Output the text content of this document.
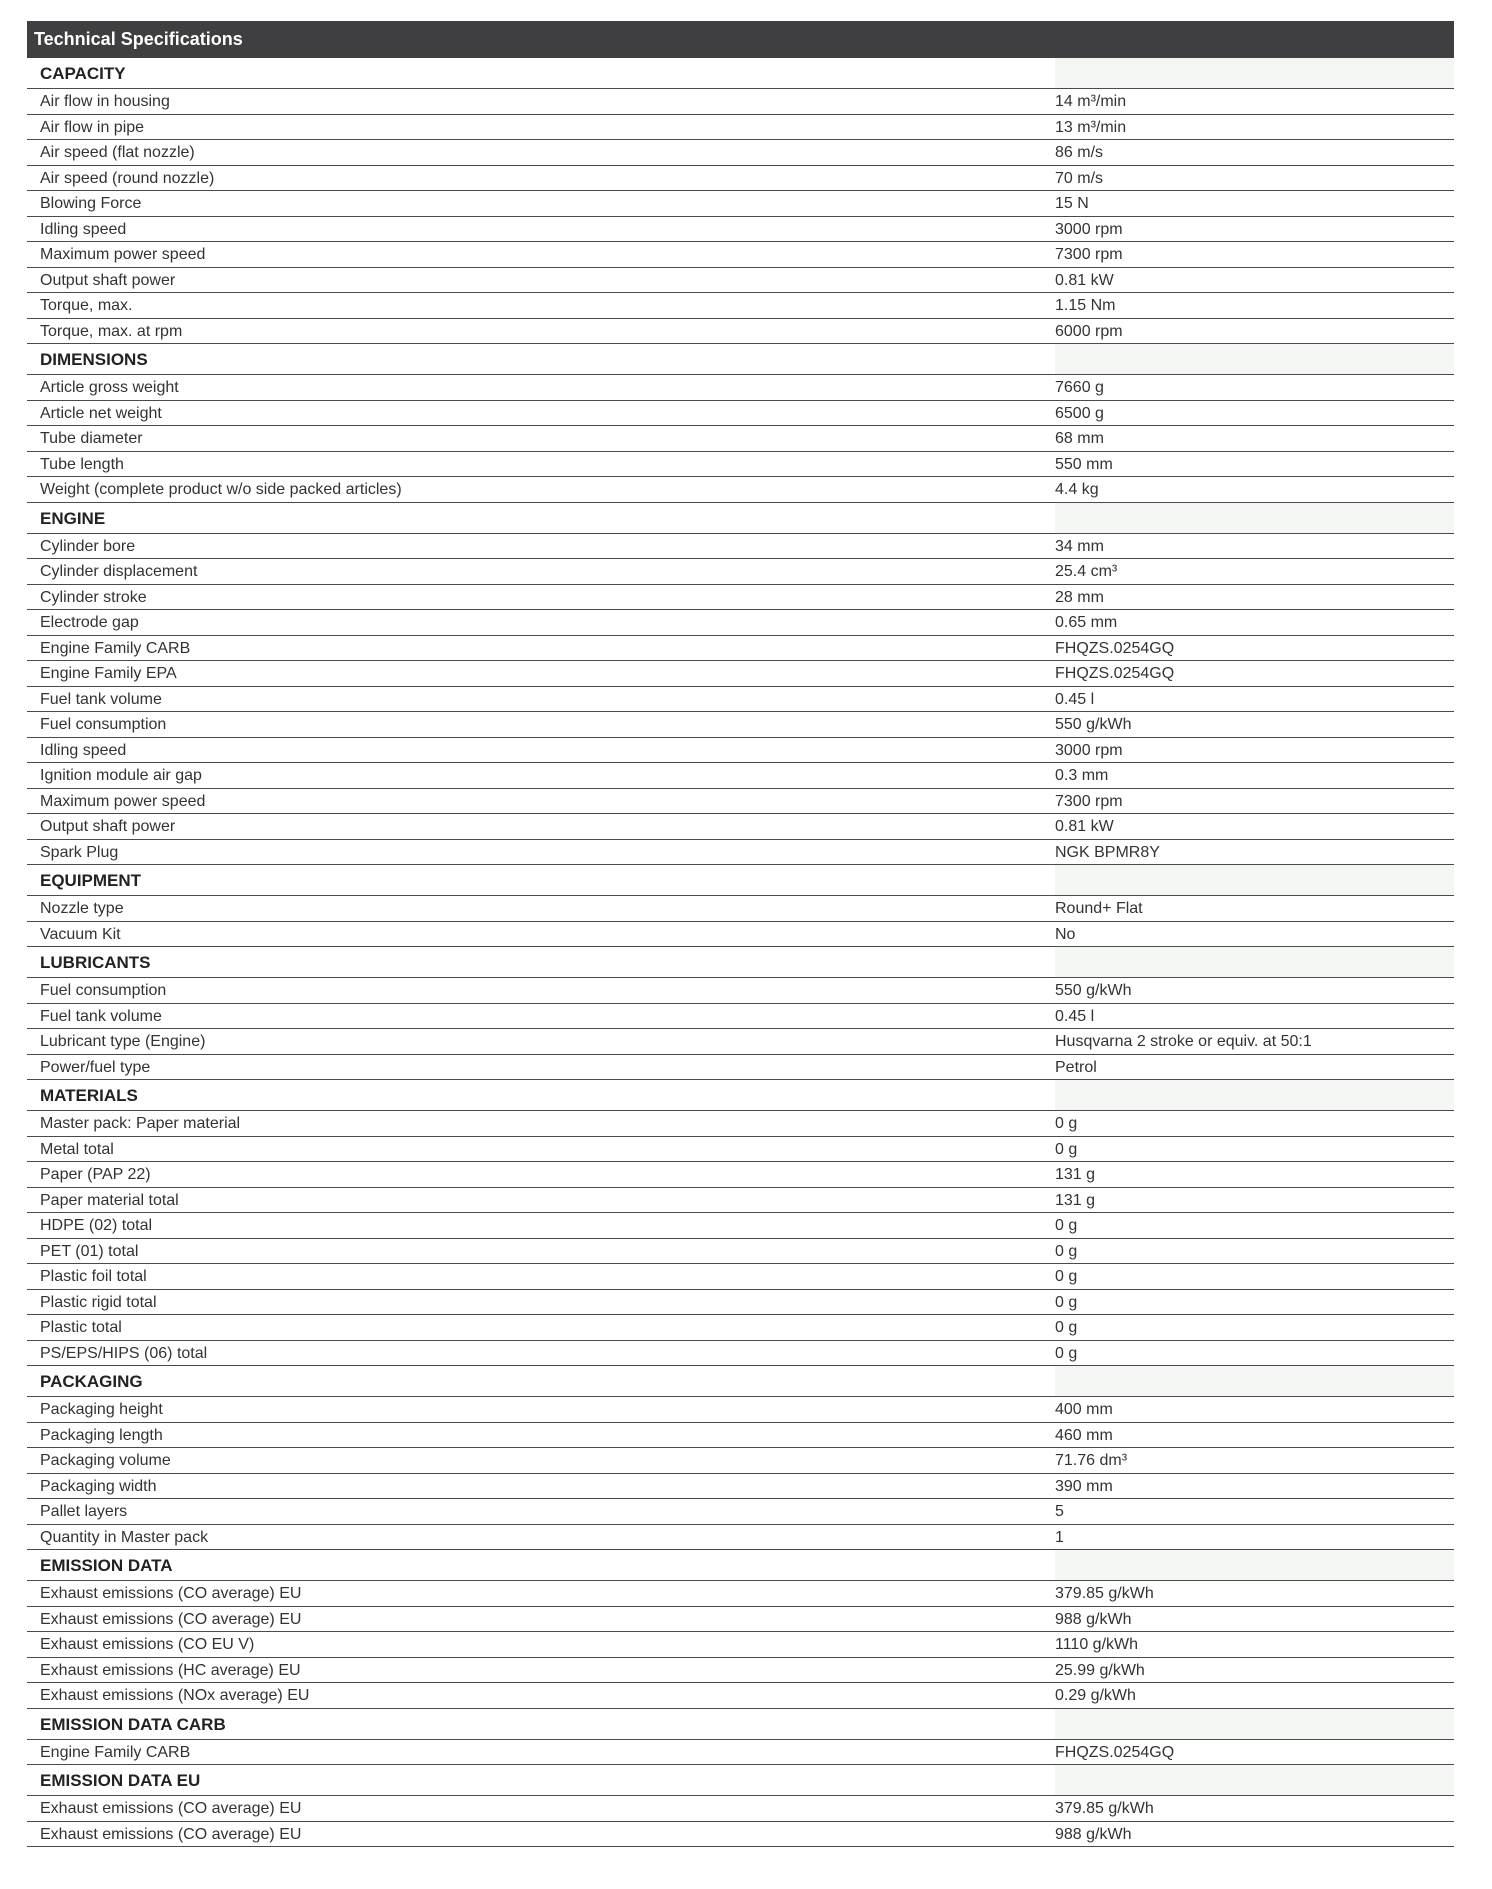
Technical Specifications
CAPACITY
Air flow in housing	14 m³/min
Air flow in pipe	13 m³/min
Air speed (flat nozzle)	86 m/s
Air speed (round nozzle)	70 m/s
Blowing Force	15 N
Idling speed	3000 rpm
Maximum power speed	7300 rpm
Output shaft power	0.81 kW
Torque, max.	1.15 Nm
Torque, max. at rpm	6000 rpm
DIMENSIONS
Article gross weight	7660 g
Article net weight	6500 g
Tube diameter	68 mm
Tube length	550 mm
Weight (complete product w/o side packed articles)	4.4 kg
ENGINE
Cylinder bore	34 mm
Cylinder displacement	25.4 cm³
Cylinder stroke	28 mm
Electrode gap	0.65 mm
Engine Family CARB	FHQZS.0254GQ
Engine Family EPA	FHQZS.0254GQ
Fuel tank volume	0.45 l
Fuel consumption	550 g/kWh
Idling speed	3000 rpm
Ignition module air gap	0.3 mm
Maximum power speed	7300 rpm
Output shaft power	0.81 kW
Spark Plug	NGK BPMR8Y
EQUIPMENT
Nozzle type	Round+ Flat
Vacuum Kit	No
LUBRICANTS
Fuel consumption	550 g/kWh
Fuel tank volume	0.45 l
Lubricant type (Engine)	Husqvarna 2 stroke or equiv. at 50:1
Power/fuel type	Petrol
MATERIALS
Master pack: Paper material	0 g
Metal total	0 g
Paper (PAP 22)	131 g
Paper material total	131 g
HDPE (02) total	0 g
PET (01) total	0 g
Plastic foil total	0 g
Plastic rigid total	0 g
Plastic total	0 g
PS/EPS/HIPS (06) total	0 g
PACKAGING
Packaging height	400 mm
Packaging length	460 mm
Packaging volume	71.76 dm³
Packaging width	390 mm
Pallet layers	5
Quantity in Master pack	1
EMISSION DATA
Exhaust emissions (CO average) EU	379.85 g/kWh
Exhaust emissions (CO average) EU	988 g/kWh
Exhaust emissions (CO EU V)	1110 g/kWh
Exhaust emissions (HC average) EU	25.99 g/kWh
Exhaust emissions (NOx average) EU	0.29 g/kWh
EMISSION DATA CARB
Engine Family CARB	FHQZS.0254GQ
EMISSION DATA EU
Exhaust emissions (CO average) EU	379.85 g/kWh
Exhaust emissions (CO average) EU	988 g/kWh
